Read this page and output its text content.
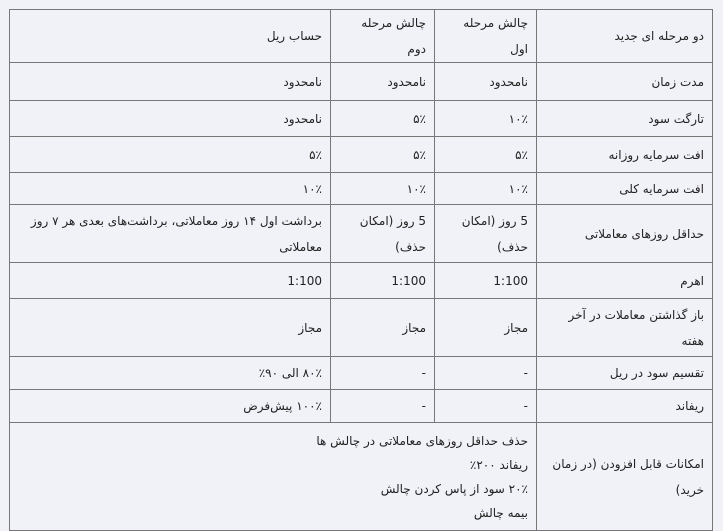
دو مرحله ای جدید	چالش مرحله اول	چالش مرحله دوم	حساب ریل
مدت زمان	نامحدود	نامحدود	نامحدود
تارگت سود	۱۰٪	۵٪	نامحدود
افت سرمایه روزانه	۵٪	۵٪	۵٪
افت سرمایه کلی	۱۰٪	۱۰٪	۱۰٪
حداقل روزهای معاملاتی	5 روز (امکان حذف)	5 روز (امکان حذف)	برداشت اول ۱۴ روز معاملاتی، برداشت‌های بعدی هر ۷ روز معاملاتی
اهرم	1:100	1:100	1:100
باز گذاشتن معاملات در آخر هفته	مجاز	مجاز	مجاز
تقسیم سود در ریل	-	-	۸۰٪ الی ۹۰٪
ریفاند	-	-	۱۰۰٪ پیش‌فرض
امکانات قابل افزودن (در زمان خرید)	حذف حداقل روزهای معاملاتی در چالش ها
ریفاند ۲۰۰٪
۲۰٪ سود از پاس کردن چالش
بیمه چالش		
